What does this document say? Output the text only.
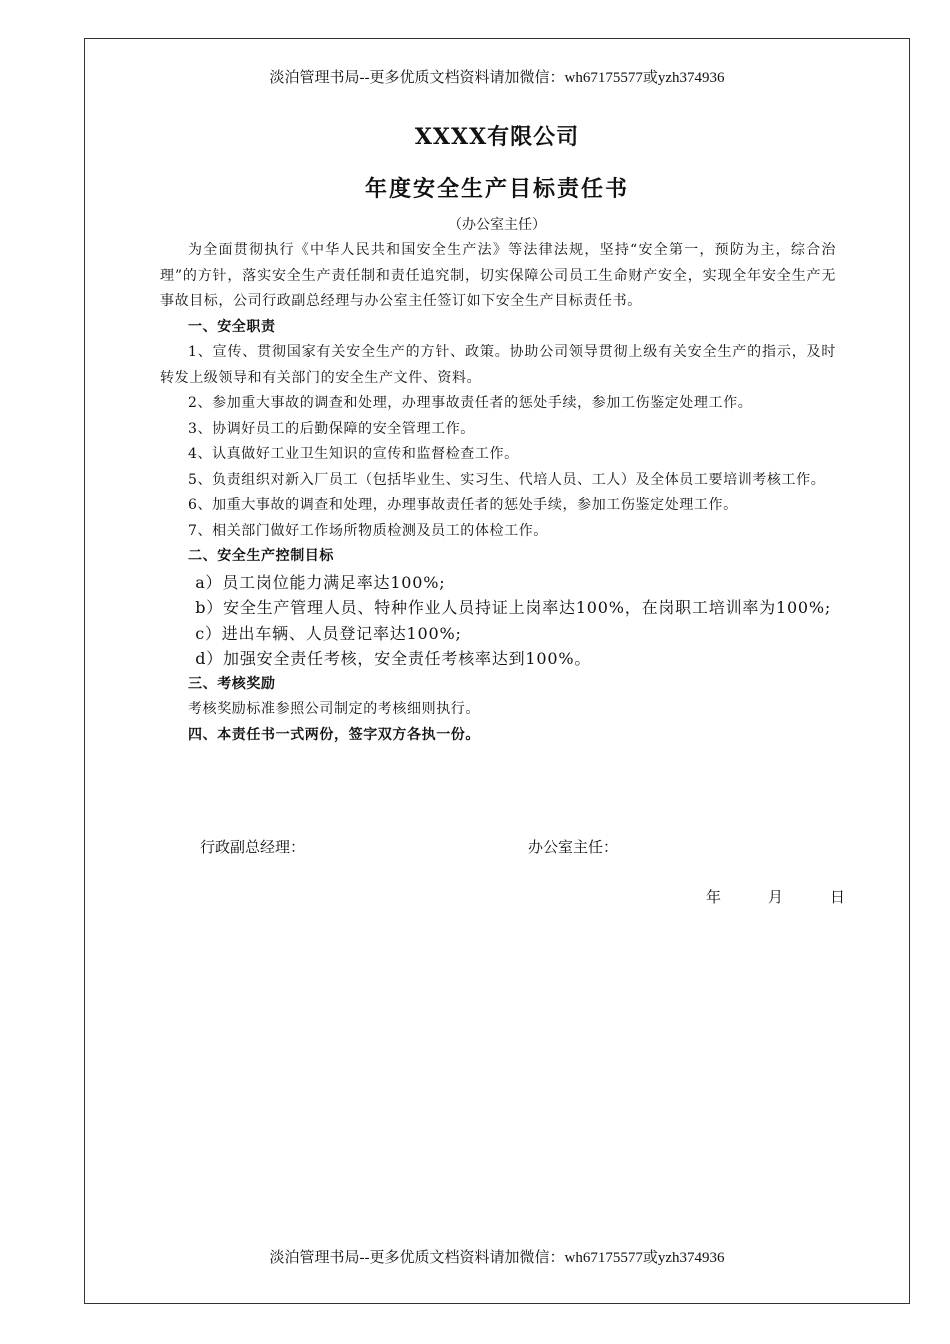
淡泊管理书局--更多优质文档资料请加微信：wh67175577或yzh374936
XXXX有限公司
年度安全生产目标责任书
（办公室主任）

为全面贯彻执行《中华人民共和国安全生产法》等法律法规，坚持“安全第一，预防为主，综合治理”的方针，落实安全生产责任制和责任追究制，切实保障公司员工生命财产安全，实现全年安全生产无事故目标，公司行政副总经理与办公室主任签订如下安全生产目标责任书。

一、安全职责

1、宣传、贯彻国家有关安全生产的方针、政策。协助公司领导贯彻上级有关安全生产的指示，及时转发上级领导和有关部门的安全生产文件、资料。

2、参加重大事故的调查和处理，办理事故责任者的惩处手续，参加工伤鉴定处理工作。

3、协调好员工的后勤保障的安全管理工作。

4、认真做好工业卫生知识的宣传和监督检查工作。

5、负责组织对新入厂员工（包括毕业生、实习生、代培人员、工人）及全体员工要培训考核工作。

6、加重大事故的调查和处理，办理事故责任者的惩处手续，参加工伤鉴定处理工作。

7、相关部门做好工作场所物质检测及员工的体检工作。

二、安全生产控制目标

a）员工岗位能力满足率达100%;

b）安全生产管理人员、特种作业人员持证上岗率达100%，在岗职工培训率为100%;

c）进出车辆、人员登记率达100%;

d）加强安全责任考核，安全责任考核率达到100%。

三、考核奖励

考核奖励标准参照公司制定的考核细则执行。

四、本责任书一式两份，签字双方各执一份。

行政副总经理：	办公室主任：
年	月	日
淡泊管理书局--更多优质文档资料请加微信：wh67175577或yzh374936
